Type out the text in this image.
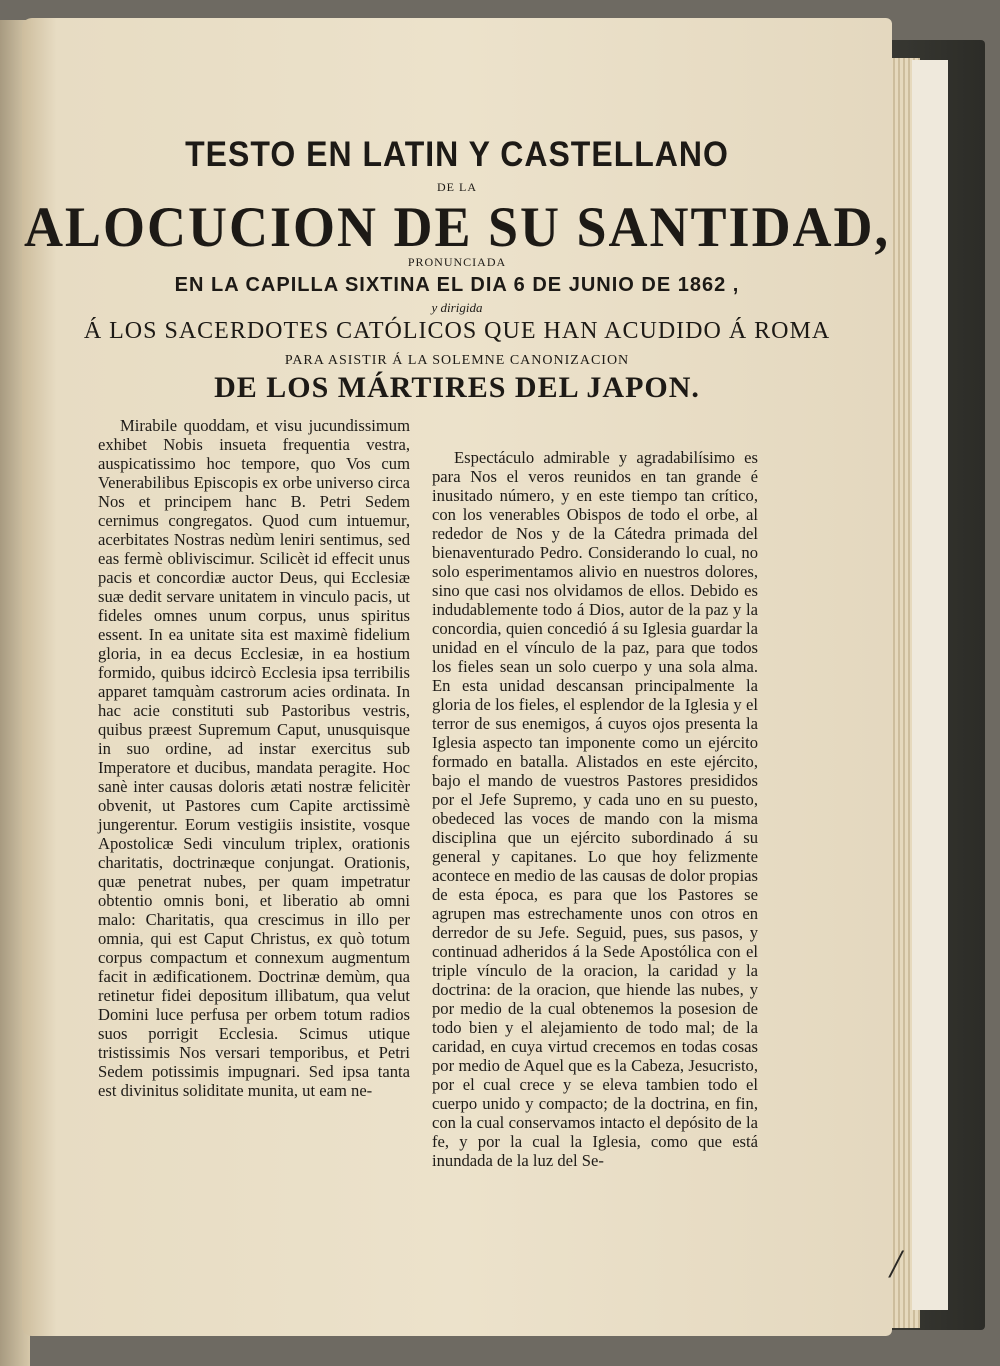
TESTO EN LATIN Y CASTELLANO
DE LA
ALOCUCION DE SU SANTIDAD,
PRONUNCIADA
EN LA CAPILLA SIXTINA EL DIA 6 DE JUNIO DE 1862 ,
y dirigida
Á LOS SACERDOTES CATÓLICOS QUE HAN ACUDIDO Á ROMA
PARA ASISTIR Á LA SOLEMNE CANONIZACION
DE LOS MÁRTIRES DEL JAPON.

Mirabile quoddam, et visu jucundissimum exhibet Nobis insueta frequentia vestra, auspicatissimo hoc tempore, quo Vos cum Venerabilibus Episcopis ex orbe universo circa Nos et principem hanc B. Petri Sedem cernimus congregatos. Quod cum intuemur, acerbitates Nostras nedùm leniri sentimus, sed eas fermè obliviscimur. Scilicèt id effecit unus pacis et concordiæ auctor Deus, qui Ecclesiæ suæ dedit servare unitatem in vinculo pacis, ut fideles omnes unum corpus, unus spiritus essent. In ea unitate sita est maximè fidelium gloria, in ea decus Ecclesiæ, in ea hostium formido, quibus idcircò Ecclesia ipsa terribilis apparet tamquàm castrorum acies ordinata. In hac acie constituti sub Pastoribus vestris, quibus præest Supremum Caput, unusquisque in suo ordine, ad instar exercitus sub Imperatore et ducibus, mandata peragite. Hoc sanè inter causas doloris ætati nostræ felicitèr obvenit, ut Pastores cum Capite arctissimè jungerentur. Eorum vestigiis insistite, vosque Apostolicæ Sedi vinculum triplex, orationis charitatis, doctrinæque conjungat. Orationis, quæ penetrat nubes, per quam impetratur obtentio omnis boni, et liberatio ab omni malo: Charitatis, qua crescimus in illo per omnia, qui est Caput Christus, ex quò totum corpus compactum et connexum augmentum facit in ædificationem. Doctrinæ demùm, qua retinetur fidei depositum illibatum, qua velut Domini luce perfusa per orbem totum radios suos porrigit Ecclesia. Scimus utique tristissimis Nos versari temporibus, et Petri Sedem potissimis impugnari. Sed ipsa tanta est divinitus soliditate munita, ut eam ne-

Espectáculo admirable y agradabilísimo es para Nos el veros reunidos en tan grande é inusitado número, y en este tiempo tan crítico, con los venerables Obispos de todo el orbe, al rededor de Nos y de la Cátedra primada del bienaventurado Pedro. Considerando lo cual, no solo esperimentamos alivio en nuestros dolores, sino que casi nos olvidamos de ellos. Debido es indudablemente todo á Dios, autor de la paz y la concordia, quien concedió á su Iglesia guardar la unidad en el vínculo de la paz, para que todos los fieles sean un solo cuerpo y una sola alma. En esta unidad descansan principalmente la gloria de los fieles, el esplendor de la Iglesia y el terror de sus enemigos, á cuyos ojos presenta la Iglesia aspecto tan imponente como un ejército formado en batalla. Alistados en este ejército, bajo el mando de vuestros Pastores presididos por el Jefe Supremo, y cada uno en su puesto, obedeced las voces de mando con la misma disciplina que un ejército subordinado á su general y capitanes. Lo que hoy felizmente acontece en medio de las causas de dolor propias de esta época, es para que los Pastores se agrupen mas estrechamente unos con otros en derredor de su Jefe. Seguid, pues, sus pasos, y continuad adheridos á la Sede Apostólica con el triple vínculo de la oracion, la caridad y la doctrina: de la oracion, que hiende las nubes, y por medio de la cual obtenemos la posesion de todo bien y el alejamiento de todo mal; de la caridad, en cuya virtud crecemos en todas cosas por medio de Aquel que es la Cabeza, Jesucristo, por el cual crece y se eleva tambien todo el cuerpo unido y compacto; de la doctrina, en fin, con la cual conservamos intacto el depósito de la fe, y por la cual la Iglesia, como que está inundada de la luz del Se-

/
